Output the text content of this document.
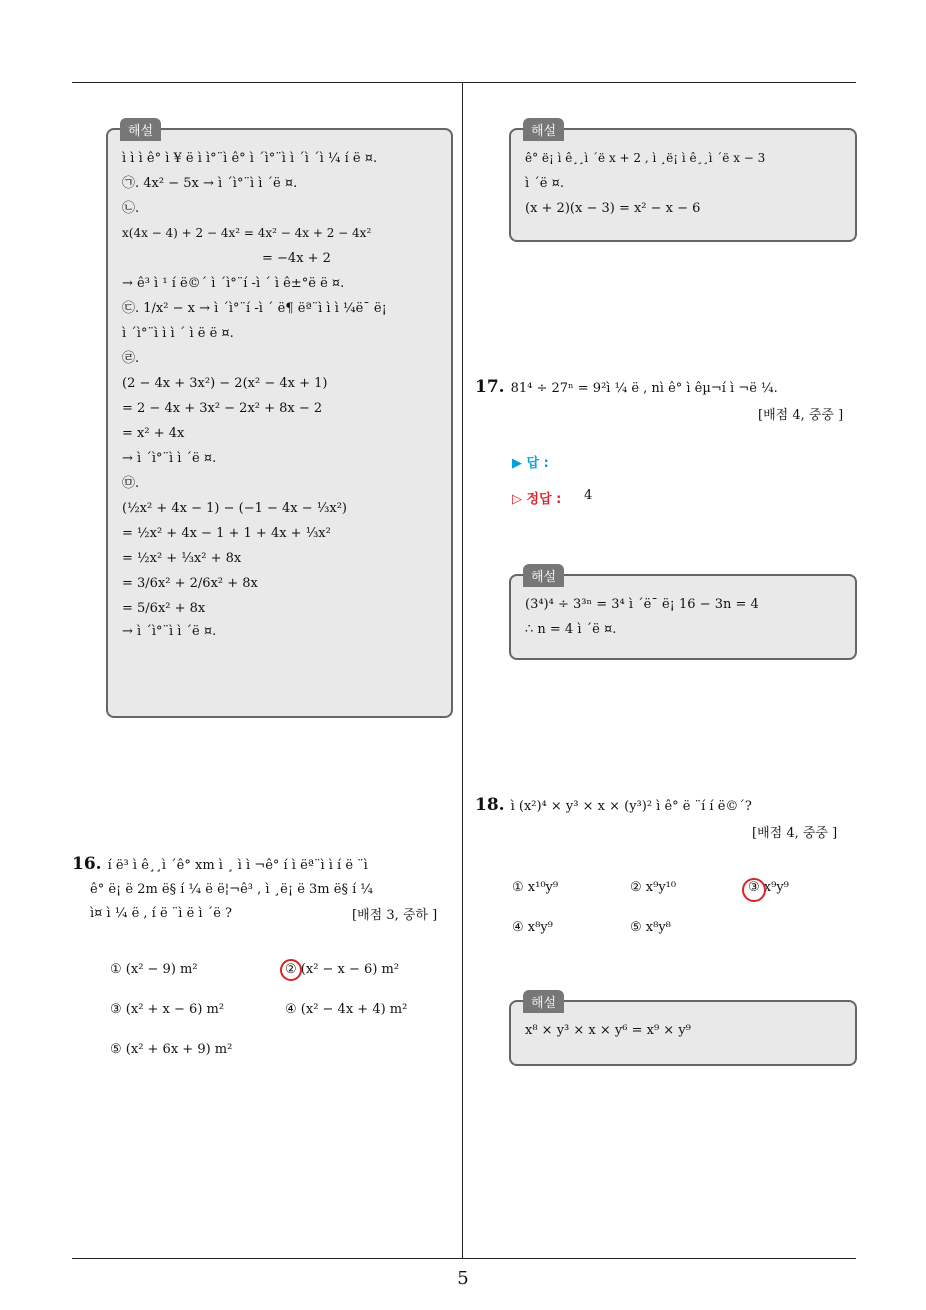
해설
ì ì ì ê° ì ¥ ë ì ì°¨ì ê° ì ´ì°¨ì ì ´ì ´ì ¼ í ë ¤.
㉠. 4x² − 5x → ì ´ì°¨ì ì ´ë ¤.
㉡.
x(4x − 4) + 2 − 4x² = 4x² − 4x + 2 − 4x²
= −4x + 2
→ ê³ ì ¹ í ë©´ ì ´ì°¨í -ì ´ ì ê±°ë ë ¤.
㉢. 1/x² − x → ì ´ì°¨í -ì ´ ë¶ ëª¨ì ì ì ¼ë¯ ë¡
ì ´ì°¨ì ì ì ´ ì ë ë ¤.
㉣.
(2 − 4x + 3x²) − 2(x² − 4x + 1)
= 2 − 4x + 3x² − 2x² + 8x − 2
= x² + 4x
→ ì ´ì°¨ì ì ´ë ¤.
㉤.
(½x² + 4x − 1) − (−1 − 4x − ⅓x²)
= ½x² + 4x − 1 + 1 + 4x + ⅓x²
= ½x² + ⅓x² + 8x
= 3/6x² + 2/6x² + 8x
= 5/6x² + 8x
→ ì ´ì°¨ì ì ´ë ¤.
16. í ë³ ì ê¸¸ì ´ê° xm ì ¸ ì ì ¬ê° í ì ëª¨ì ì í ë ¨ì
ê° ë¡ ë 2m ë§ í ¼ ë ë¦¬ê³ , ì ¸ë¡ ë 3m ë§ í ¼
ì¤ ì ¼ ë , í ë ¨ì ë ì ´ë ?	[배점 3, 중하 ]
① (x² − 9) m²	② (x² − x − 6) m²
③ (x² + x − 6) m²	④ (x² − 4x + 4) m²
⑤ (x² + 6x + 9) m²
해설
ê° ë¡ ì ê¸¸ì ´ë x + 2 , ì ¸ë¡ ì ê¸¸ì ´ë x − 3
ì ´ë ¤.
(x + 2)(x − 3) = x² − x − 6
17. 81⁴ ÷ 27ⁿ = 9²ì ¼ ë , nì ê° ì êµ¬í ì ¬ë ¼.
[배점 4, 중중 ]
▶ 답 :
▷ 정답 : 4
해설
(3⁴)⁴ ÷ 3³ⁿ = 3⁴ ì ´ë¯ ë¡ 16 − 3n = 4
∴ n = 4 ì ´ë ¤.
18. ì (x²)⁴ × y³ × x × (y³)² ì ê° ë ¨í í ë©´?
[배점 4, 중중 ]
① x¹⁰y⁹	② x⁹y¹⁰	③ x⁹y⁹
④ x⁸y⁹	⑤ x⁸y⁸
해설
x⁸ × y³ × x × y⁶ = x⁹ × y⁹
5
